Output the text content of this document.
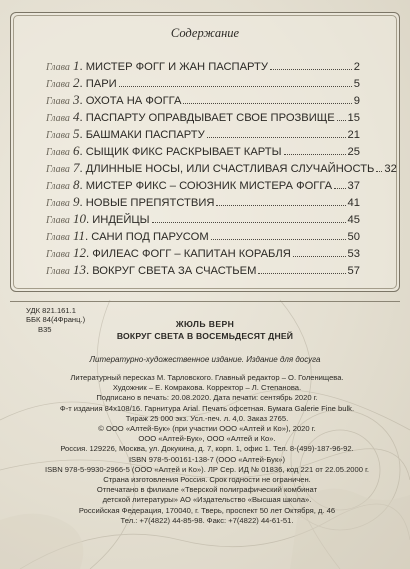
Содержание
Глава 1 . МИСТЕР ФОГГ И ЖАН ПАСПАРТУ	2
Глава 2 . ПАРИ	5
Глава 3 . ОХОТА НА ФОГГА	9
Глава 4 . ПАСПАРТУ ОПРАВДЫВАЕТ СВОЕ ПРОЗВИЩЕ 15
Глава 5 . БАШМАКИ ПАСПАРТУ	21
Глава 6 . СЫЩИК ФИКС РАСКРЫВАЕТ КАРТЫ	25
Глава 7 . ДЛИННЫЕ НОСЫ, ИЛИ СЧАСТЛИВАЯ СЛУЧАЙНОСТЬ 32
Глава 8 . МИСТЕР ФИКС – СОЮЗНИК МИСТЕРА ФОГГА 37
Глава 9 . НОВЫЕ ПРЕПЯТСТВИЯ	41
Глава 10 . ИНДЕЙЦЫ	45
Глава 11 . САНИ ПОД ПАРУСОМ	50
Глава 12 . ФИЛЕАС ФОГГ – КАПИТАН КОРАБЛЯ	53
Глава 13 . ВОКРУГ СВЕТА ЗА СЧАСТЬЕМ	57
УДК 821.161.1
ББК 84(4Франц.)
В35
ЖЮЛЬ ВЕРН
ВОКРУГ СВЕТА В ВОСЕМЬДЕСЯТ ДНЕЙ
Литературно-художественное издание. Издание для досуга
Литературный пересказ М. Тарловского. Главный редактор – О. Голенищева.
Художник – Е. Комракова. Корректор – Л. Степанова.
Подписано в печать: 20.08.2020. Дата печати: сентябрь 2020 г.
Ф-т издания 84х108/16. Гарнитура Arial. Печать офсетная. Бумага Galerie Fine bulk.
Тираж 25 000 экз. Усл.-печ. л. 4,0. Заказ 2765.
© ООО «Алтей-Бук» (при участии ООО «Алтей и Ко»), 2020 г.
ООО «Алтей-Бук», ООО «Алтей и Ко».
Россия. 129226, Москва, ул. Докукина, д. 7, корп. 1, офис 1. Тел. 8-(499)-187-96-92.
ISBN 978-5-00161-138-7 (ООО «Алтей-Бук»)
ISBN 978-5-9930-2966-5 (ООО «Алтей и Ко»). ЛР Сер. ИД № 01836, код 221 от 22.05.2000 г.
Страна изготовления Россия. Срок годности не ограничен.
Отпечатано в филиале «Тверской полиграфический комбинат
детской литературы» АО «Издательство «Высшая школа».
Российская Федерация, 170040, г. Тверь, проспект 50 лет Октября, д. 46
Тел.: +7(4822) 44-85-98. Факс: +7(4822) 44-61-51.
